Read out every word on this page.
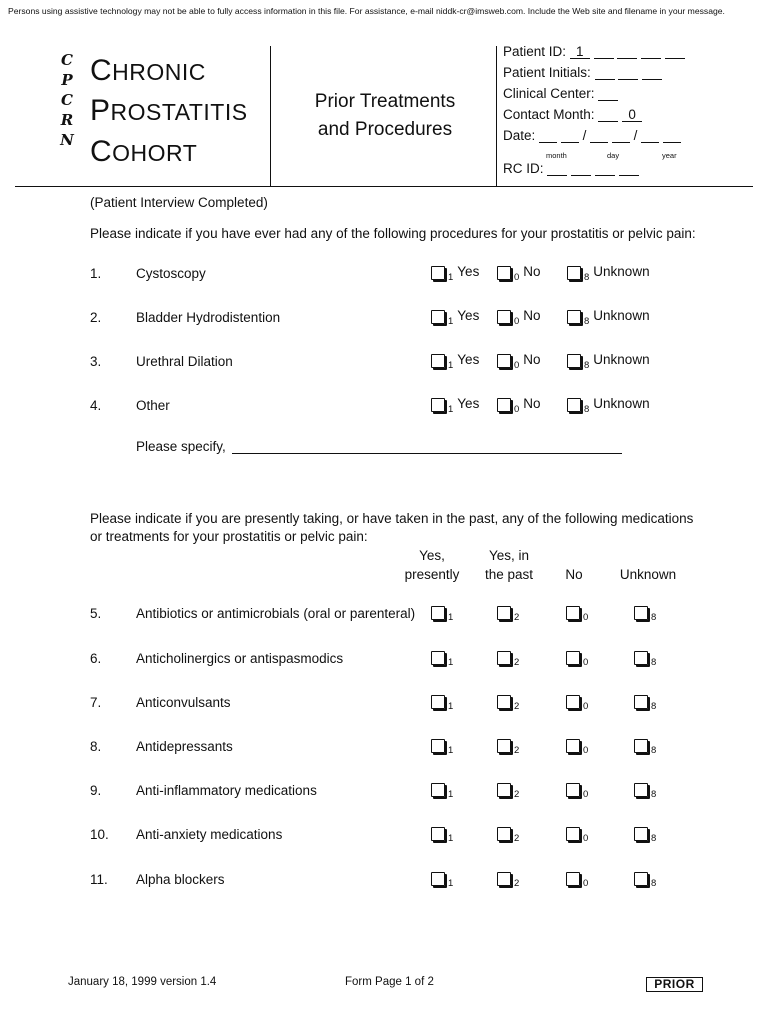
Persons using assistive technology may not be able to fully access information in this file. For assistance, e-mail niddk-cr@imsweb.com. Include the Web site and filename in your message.
C
P
C
R
N
CHRONIC
PROSTATITIS
COHORT
Prior Treatments
and Procedures
Patient ID: 1
Patient Initials:
Clinical Center:
Contact Month:	0
Date:	/	/
month	day	year
RC ID:
(Patient Interview Completed)
Please indicate if you have ever had any of the following procedures for your prostatitis or pelvic pain:
1.	Cystoscopy	1 Yes	0 No	8 Unknown
2.	Bladder Hydrodistention	1 Yes	0 No	8 Unknown
3.	Urethral Dilation	1 Yes	0 No	8 Unknown
4.	Other	1 Yes	0 No	8 Unknown
Please specify,
Please indicate if you are presently taking, or have taken in the past, any of the following medications
or treatments for your prostatitis or pelvic pain:
Yes,
presently
Yes, in
the past	No	Unknown
5.	Antibiotics or antimicrobials (oral or parenteral)	1	2	0	8
6.	Anticholinergics or antispasmodics	1	2	0	8
7.	Anticonvulsants	1	2	0	8
8.	Antidepressants	1	2	0	8
9.	Anti-inflammatory medications	1	2	0	8
10. Anti-anxiety medications	1	2	0	8
11. Alpha blockers	1	2	0	8
January 18, 1999 version 1.4	Form Page 1 of 2	PRIOR
